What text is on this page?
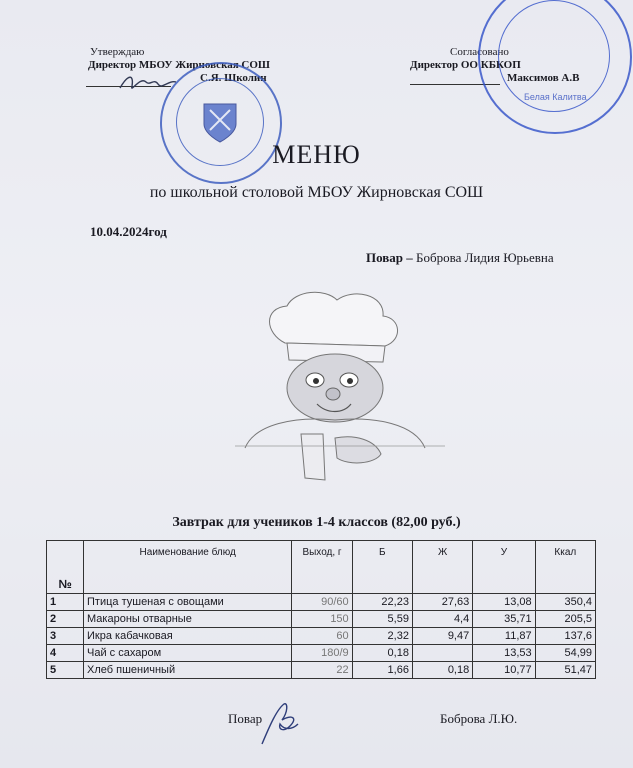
Утверждаю
Директор МБОУ Жирновская СОШ
С.Я. Школин
Согласовано
Директор ОО КБКОП
Максимов А.В
Белая Калитва
МЕНЮ
по школьной столовой МБОУ Жирновская СОШ
10.04.2024год
Повар – Боброва Лидия Юрьевна
Завтрак для учеников 1-4 классов (82,00 руб.)
№	Наименование блюд	Выход, г	Б	Ж	У	Ккал
1	Птица тушеная с овощами	90/60	22,23	27,63	13,08	350,4
2	Макароны отварные	150	5,59	4,4	35,71	205,5
3	Икра кабачковая	60	2,32	9,47	11,87	137,6
4	Чай с сахаром	180/9	0,18		13,53	54,99
5	Хлеб пшеничный	22	1,66	0,18	10,77	51,47
Повар	Боброва Л.Ю.
